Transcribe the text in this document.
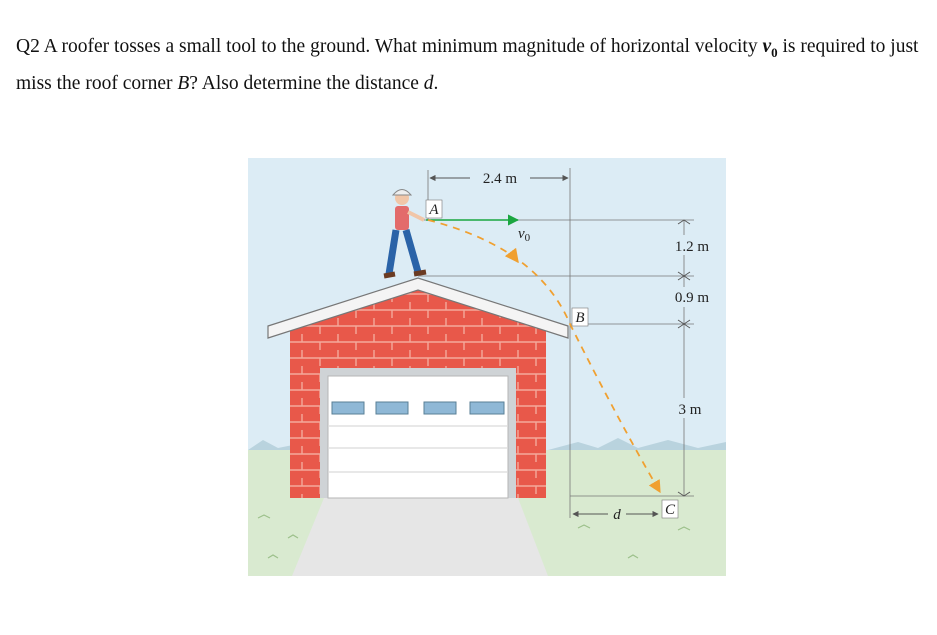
Q2 A roofer tosses a small tool to the ground. What minimum magnitude of horizontal velocity $v_0$ is required to just miss the roof corner B? Also determine the distance d.

2.4 m
1.2 m
0.9 m
3 m
$v_0$
A
B
C
d
